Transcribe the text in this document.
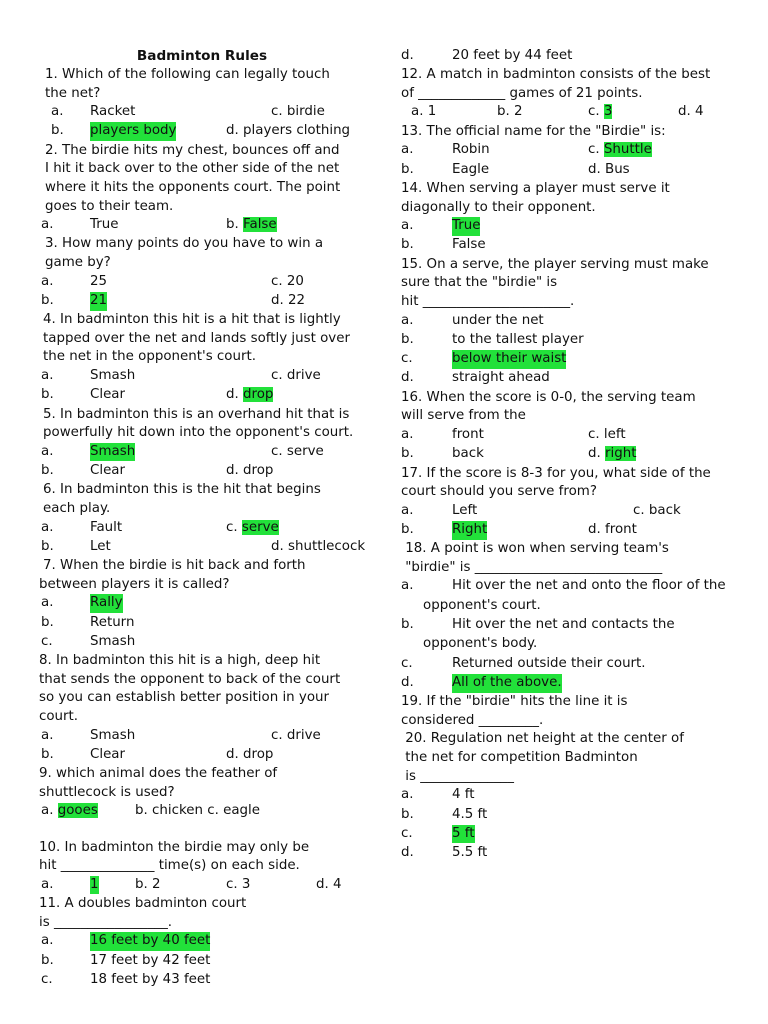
Badminton Rules
1. Which of the following can legally touch
the net?
a. Racket	c. birdie
b. players body	d. players clothing
2. The birdie hits my chest, bounces off and
I hit it back over to the other side of the net
where it hits the opponents court. The point
goes to their team.
a.	True	b. False
3. How many points do you have to win a
game by?
a.	25	c. 20
b.	21	d. 22
4. In badminton this hit is a hit that is lightly
tapped over the net and lands softly just over
the net in the opponent's court.
a.	Smash	c. drive
b.	Clear	d. drop
5. In badminton this is an overhand hit that is
powerfully hit down into the opponent's court.
a.	Smash	c. serve
b.	Clear	d. drop
6. In badminton this is the hit that begins
each play.
a.	Fault	c. serve
b.	Let	d. shuttlecock
7. When the birdie is hit back and forth
between players it is called?
a.	Rally
b.	Return
c.	Smash
8. In badminton this hit is a high, deep hit
that sends the opponent to back of the court
so you can establish better position in your
court.
a.	Smash	c. drive
b.	Clear	d. drop
9. which animal does the feather of
shuttlecock is used?
a. gooes	b. chicken c. eagle
10. In badminton the birdie may only be
hit ______________ time(s) on each side.
a.	1	b. 2	c. 3	d. 4
11. A doubles badminton court
is _________________.
a.	16 feet by 40 feet
b.	17 feet by 42 feet
c.	18 feet by 43 feet
d.	20 feet by 44 feet
12. A match in badminton consists of the best
of _____________ games of 21 points.
a. 1	b. 2	c. 3	d. 4
13. The official name for the "Birdie" is:
a.	Robin	c. Shuttle
b.	Eagle	d. Bus
14. When serving a player must serve it
diagonally to their opponent.
a.	True
b.	False
15. On a serve, the player serving must make
sure that the "birdie" is
hit ______________________.
a.	under the net
b.	to the tallest player
c.	below their waist
d.	straight ahead
16. When the score is 0-0, the serving team
will serve from the
a.	front	c. left
b.	back	d. right
17. If the score is 8-3 for you, what side of the
court should you serve from?
a.	Left	c. back
b.	Right	d. front
18. A point is won when serving team's
"birdie" is ____________________________
a.	Hit over the net and onto the floor of the
opponent's court.
b.	Hit over the net and contacts the
opponent's body.
c.	Returned outside their court.
d.	All of the above.
19. If the "birdie" hits the line it is
considered _________.
20. Regulation net height at the center of
the net for competition Badminton
is ______________
a.	4 ft
b.	4.5 ft
c.	5 ft
d.	5.5 ft
